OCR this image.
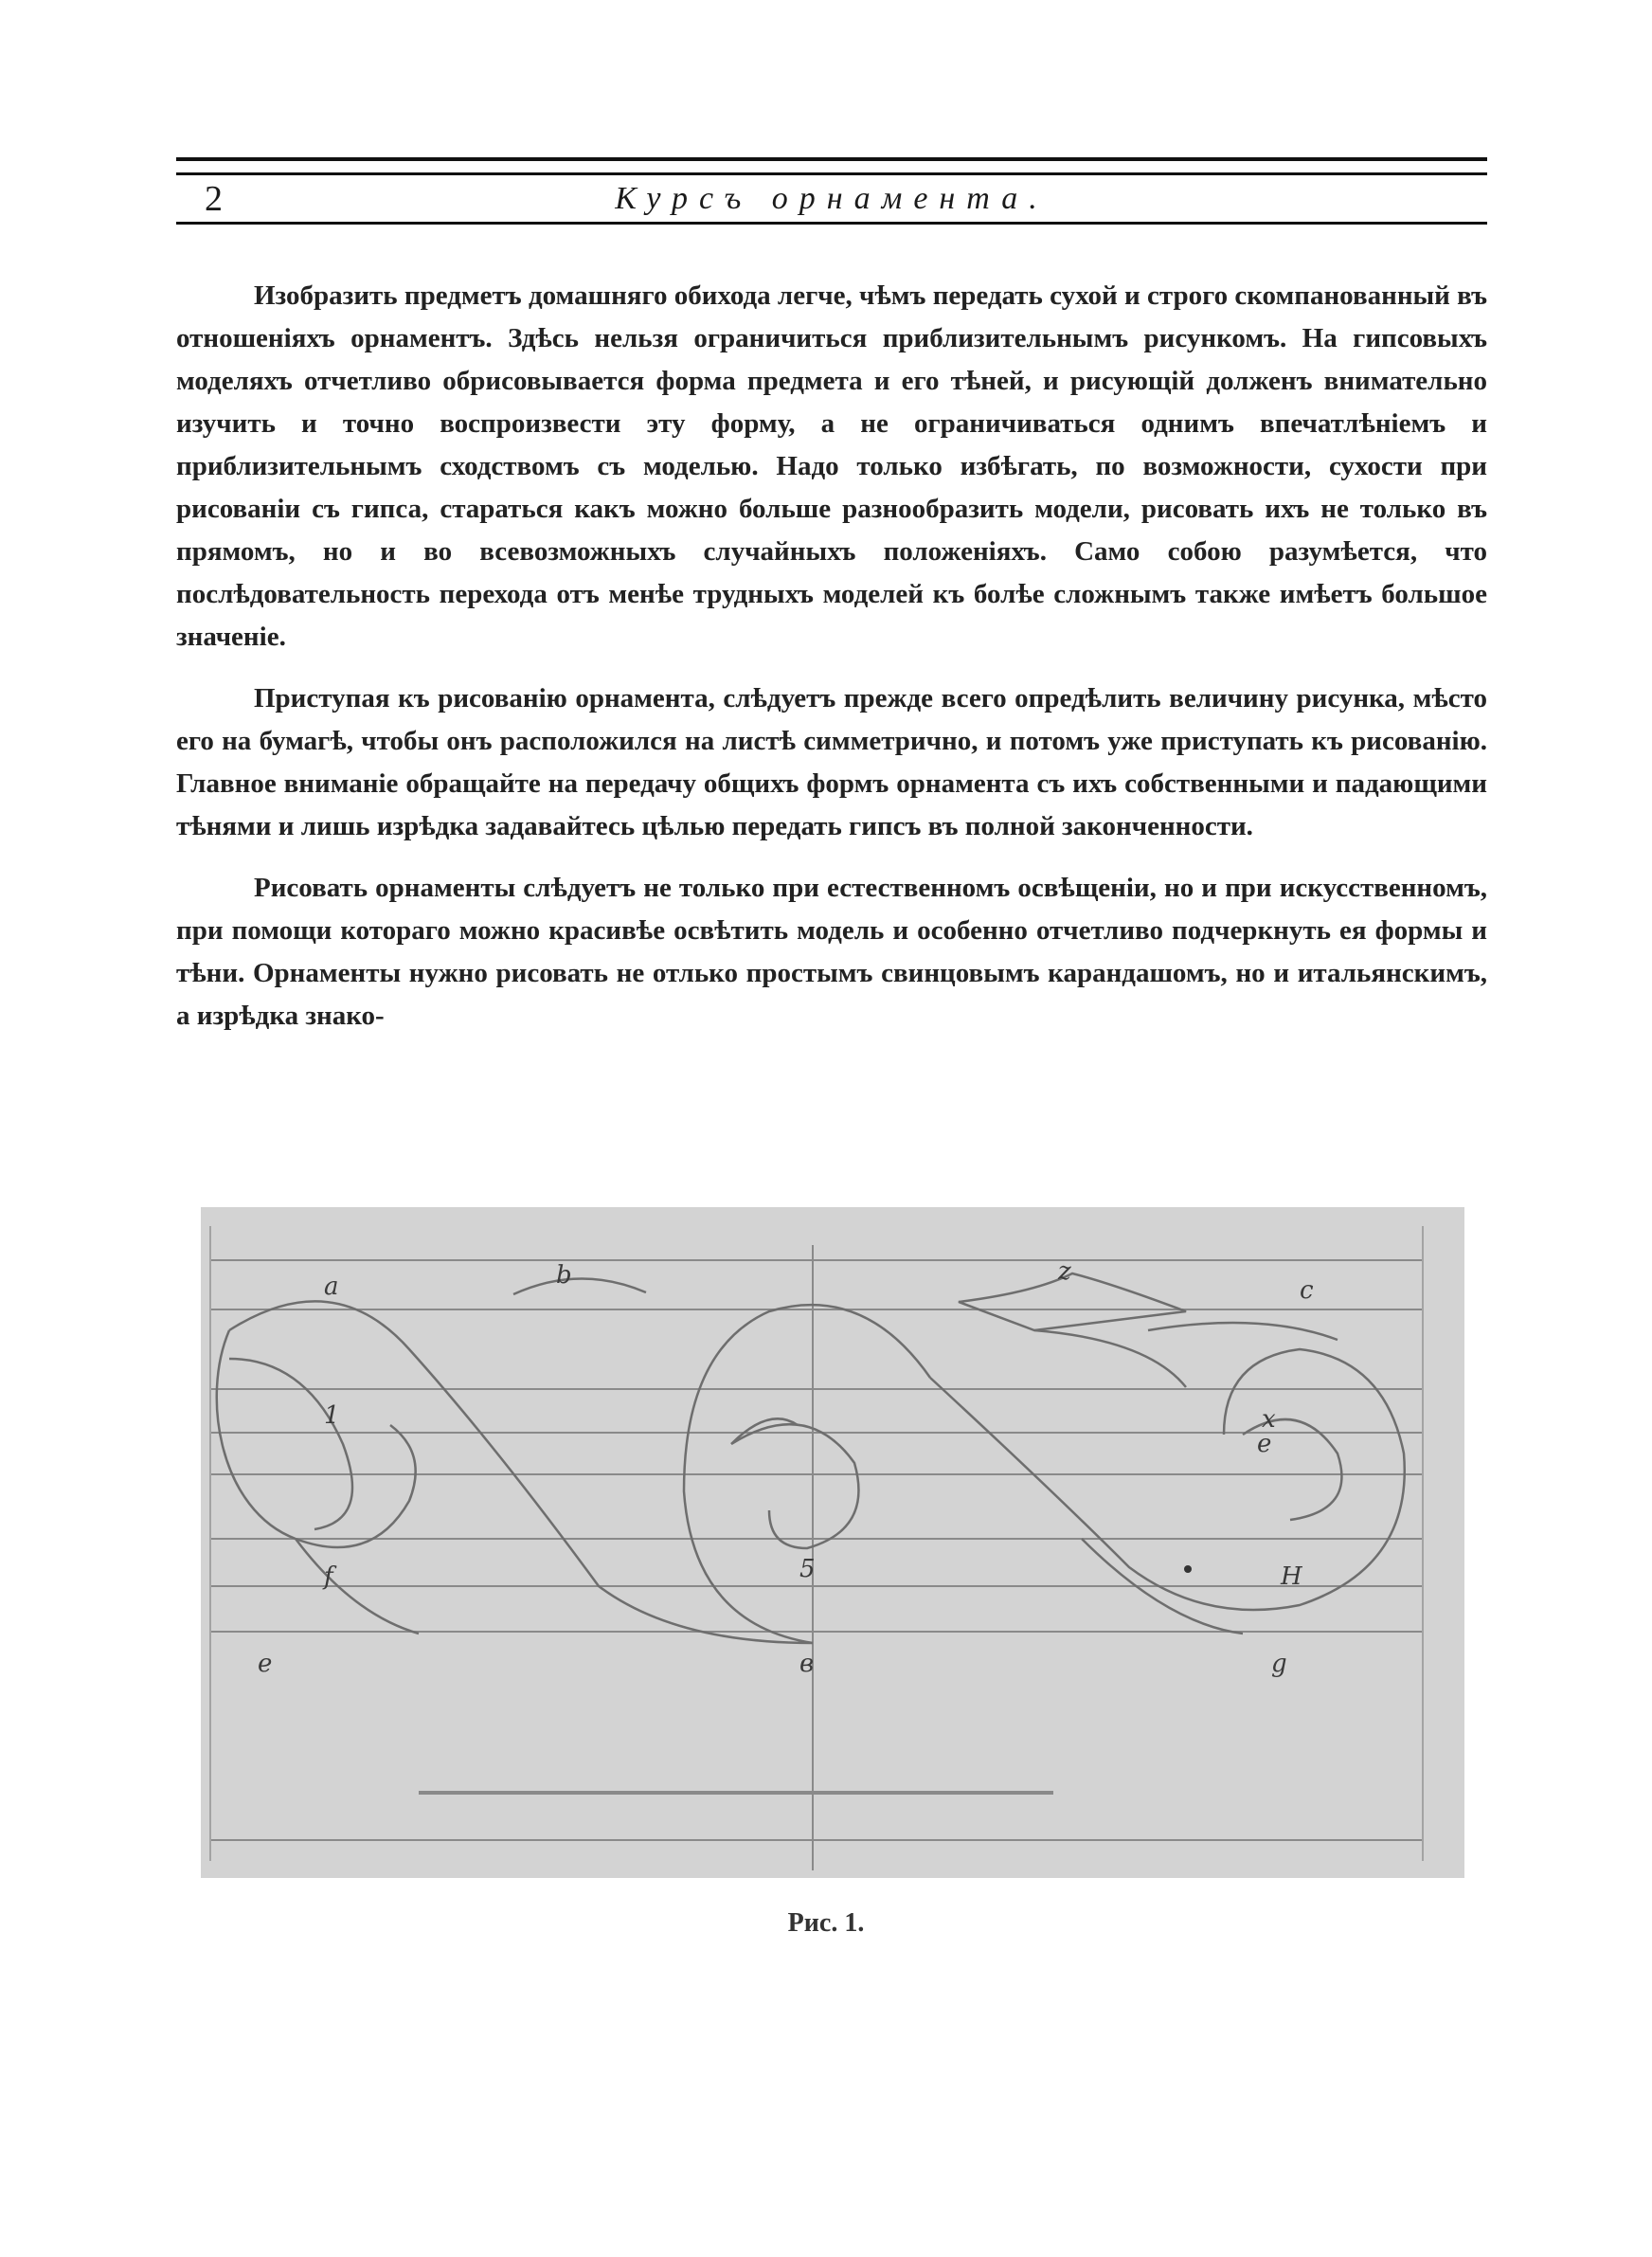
2	Курсъ орнамента.

Изобразить предметъ домашняго обихода легче, чѣмъ передать сухой и строго скомпанованный въ отношеніяхъ орнаментъ. Здѣсь нельзя ограничиться приблизительнымъ рисункомъ. На гипсовыхъ моделяхъ отчетливо обрисовывается форма предмета и его тѣней, и рисующій долженъ внимательно изучить и точно воспроизвести эту форму, а не ограничиваться однимъ впечатлѣніемъ и приблизительнымъ сходствомъ съ моделью. Надо только избѣгать, по возможности, сухости при рисованіи съ гипса, стараться какъ можно больше разнообразить модели, рисовать ихъ не только въ прямомъ, но и во всевозможныхъ случайныхъ положеніяхъ. Само собою разумѣется, что послѣдовательность перехода отъ менѣе трудныхъ моделей къ болѣе сложнымъ также имѣетъ большое значеніе.

Приступая къ рисованію орнамента, слѣдуетъ прежде всего опредѣлить величину рисунка, мѣсто его на бумагѣ, чтобы онъ расположился на листѣ симметрично, и потомъ уже приступать къ рисованію. Главное вниманіе обращайте на передачу общихъ формъ орнамента съ ихъ собственными и падающими тѣнями и лишь изрѣдка задавайтесь цѣлью передать гипсъ въ полной законченности.

Рисовать орнаменты слѣдуетъ не только при естественномъ освѣщеніи, но и при искусственномъ, при помощи котораго можно красивѣе освѣтить модель и особенно отчетливо подчеркнуть ея формы и тѣни. Орнаменты нужно рисовать не отлько простымъ свинцовымъ карандашомъ, но и итальянскимъ, а изрѣдка знако-

a	b	z
c
1	x
e
f	5	H
e	в	g
Рис. 1.
